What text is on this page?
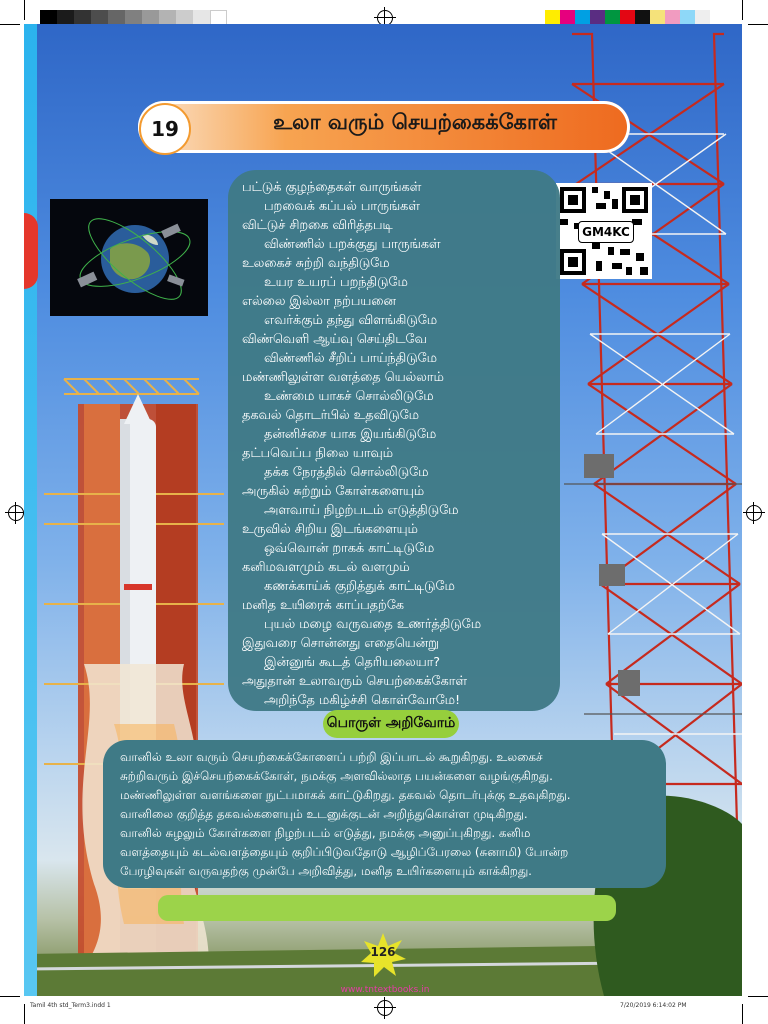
19	உலா வரும் செயற்கைக்கோள்
GM4KC
பட்டுக் குழந்தைகள் வாருங்கள்
பறவைக் கப்பல் பாருங்கள்
விட்டுச் சிறகை விரித்தபடி
விண்ணில் பறக்குது பாருங்கள்
உலகைச் சுற்றி வந்திடுமே
உயர உயரப் பறந்திடுமே
எல்லை இல்லா நற்பயனை
எவர்க்கும் தந்து விளங்கிடுமே
விண்வெளி ஆய்வு செய்திடவே
விண்ணில் சீறிப் பாய்ந்திடுமே
மண்ணிலுள்ள வளத்தை யெல்லாம்
உண்மை யாகச் சொல்லிடுமே
தகவல் தொடர்பில் உதவிடுமே
தன்னிச்சை யாக இயங்கிடுமே
தட்பவெப்ப நிலை யாவும்
தக்க நேரத்தில் சொல்லிடுமே
அருகில் சுற்றும் கோள்களையும்
அளவாய் நிழற்படம் எடுத்திடுமே
உருவில் சிறிய இடங்களையும்
ஒவ்வொன் றாகக் காட்டிடுமே
கனிமவளமும் கடல் வளமும்
கணக்காய்க் குறித்துக் காட்டிடுமே
மனித உயிரைக் காப்பதற்கே
புயல் மழை வருவதை உணர்த்திடுமே
இதுவரை சொன்னது எதையென்று
இன்னுங் கூடத் தெரியலையா?
அதுதான் உலாவரும் செயற்கைக்கோள்
அறிந்தே மகிழ்ச்சி கொள்வோமே!
பொருள் அறிவோம்
வானில் உலா வரும் செயற்கைக்கோளைப் பற்றி இப்பாடல் கூறுகிறது. உலகைச்
சுற்றிவரும் இச்செயற்கைக்கோள், நமக்கு அளவில்லாத பயன்களை வழங்குகிறது.
மண்ணிலுள்ள வளங்களை நுட்பமாகக் காட்டுகிறது. தகவல் தொடர்புக்கு உதவுகிறது.
வானிலை குறித்த தகவல்களையும் உடனுக்குடன் அறிந்துகொள்ள முடிகிறது.
வானில் சுழலும் கோள்களை நிழற்படம் எடுத்து, நமக்கு அனுப்புகிறது. கனிம
வளத்தையும் கடல்வளத்தையும் குறிப்பிடுவதோடு ஆழிப்பேரலை (சுனாமி) போன்ற
பேரழிவுகள் வருவதற்கு முன்பே அறிவித்து, மனித உயிர்களையும் காக்கிறது.
126
www.tntextbooks.in
Tamil 4th std_Term3.indd 1	7/20/2019 6:14:02 PM
